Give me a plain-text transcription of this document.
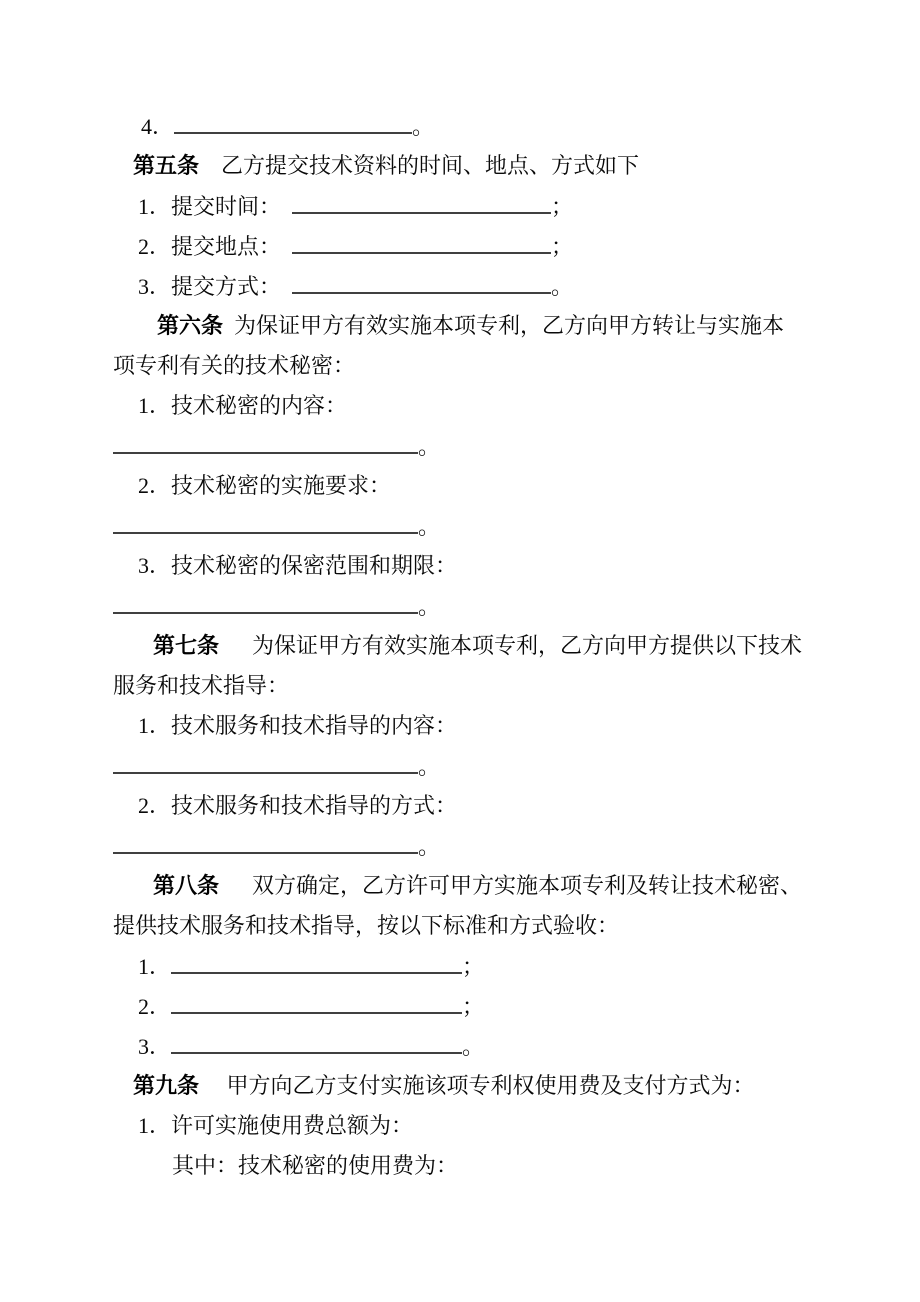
4．	。
第五条 乙方提交技术资料的时间、地点、方式如下
1．提交时间：	；
2．提交地点：	；
3．提交方式：	。
第六条 为保证甲方有效实施本项专利，乙方向甲方转让与实施本
项专利有关的技术秘密：
1．技术秘密的内容：
。
2．技术秘密的实施要求：
。
3．技术秘密的保密范围和期限：
。
第七条 为保证甲方有效实施本项专利，乙方向甲方提供以下技术
服务和技术指导：
1．技术服务和技术指导的内容：
。
2．技术服务和技术指导的方式：
。
第八条 双方确定，乙方许可甲方实施本项专利及转让技术秘密、
提供技术服务和技术指导，按以下标准和方式验收：
1．	；
2．	；
3．	。
第九条 甲方向乙方支付实施该项专利权使用费及支付方式为：
1．许可实施使用费总额为：
其中：技术秘密的使用费为：
